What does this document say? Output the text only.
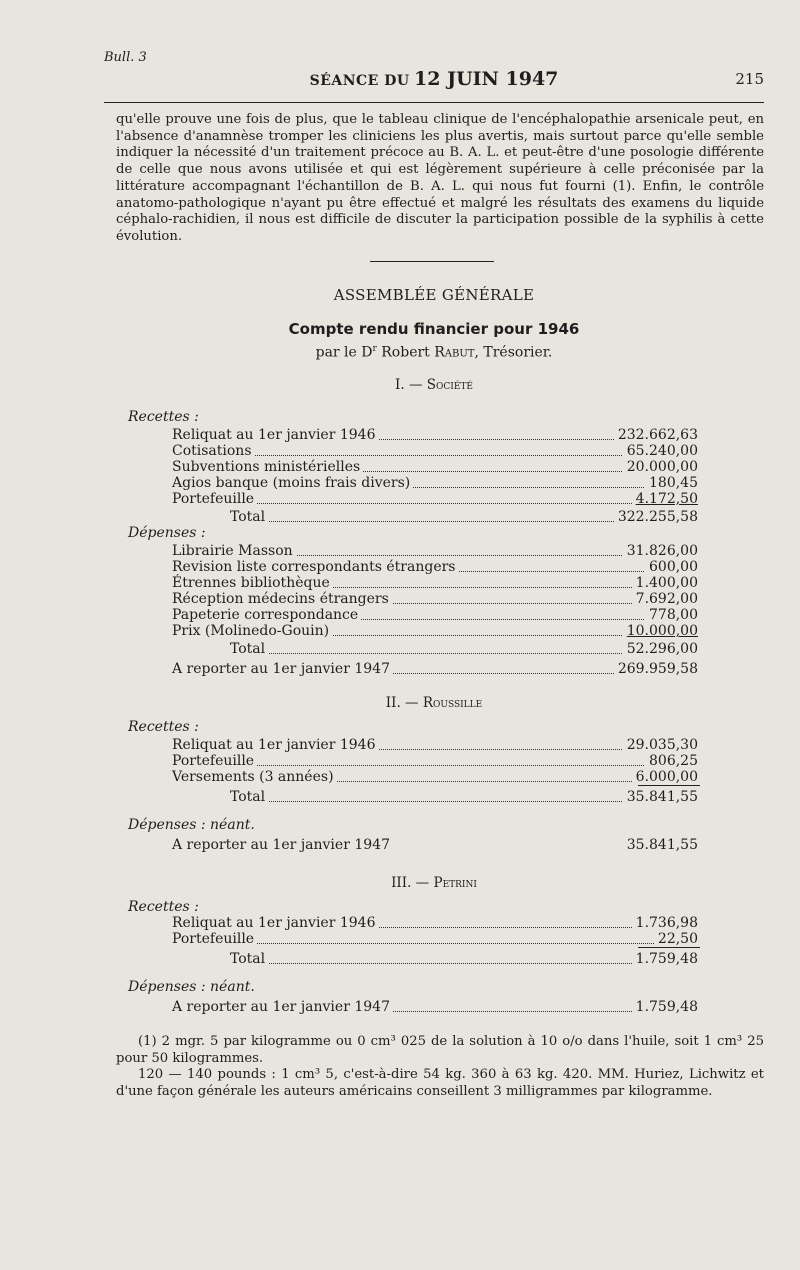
Bull. 3
SÉANCE DU 12 JUIN 1947	215

qu'elle prouve une fois de plus, que le tableau clinique de l'encéphalopathie arsenicale peut, en l'absence d'anamnèse tromper les cliniciens les plus avertis, mais surtout parce qu'elle semble indiquer la nécessité d'un traitement précoce au B. A. L. et peut-être d'une posologie différente de celle que nous avons utilisée et qui est légèrement supérieure à celle préconisée par la littérature accompagnant l'échantillon de B. A. L. qui nous fut fourni (1). Enfin, le contrôle anatomo-pathologique n'ayant pu être effectué et malgré les résultats des examens du liquide céphalo-rachidien, il nous est difficile de discuter la participation possible de la syphilis à cette évolution.

ASSEMBLÉE GÉNÉRALE
Compte rendu financier pour 1946
par le $D^r$ Robert Rabut, Trésorier.
I. — Société
Recettes :
Reliquat au 1er janvier 1946	232.662,63
Cotisations	65.240,00
Subventions ministérielles	20.000,00
Agios banque (moins frais divers)	180,45
Portefeuille	4.172,50
Total	322.255,58
Dépenses :
Librairie Masson	31.826,00
Revision liste correspondants étrangers	600,00
Étrennes bibliothèque	1.400,00
Réception médecins étrangers	7.692,00
Papeterie correspondance	778,00
Prix (Molinedo-Gouin)	10.000,00
Total	52.296,00
A reporter au 1er janvier 1947	269.959,58
II. — Roussille
Recettes :
Reliquat au 1er janvier 1946	29.035,30
Portefeuille	806,25
Versements (3 années)	6.000,00
Total	35.841,55
Dépenses : néant.
A reporter au 1er janvier 1947	35.841,55
III. — Petrini
Recettes :
Reliquat au 1er janvier 1946	1.736,98
Portefeuille	22,50
Total	1.759,48
Dépenses : néant.
A reporter au 1er janvier 1947	1.759,48

(1) 2 mgr. 5 par kilogramme ou 0 cm³ 025 de la solution à 10 o/o dans l'huile, soit 1 cm³ 25 pour 50 kilogrammes.

120 — 140 pounds : 1 cm³ 5, c'est-à-dire 54 kg. 360 à 63 kg. 420. MM. Huriez, Lichwitz et d'une façon générale les auteurs américains conseillent 3 milligrammes par kilogramme.
